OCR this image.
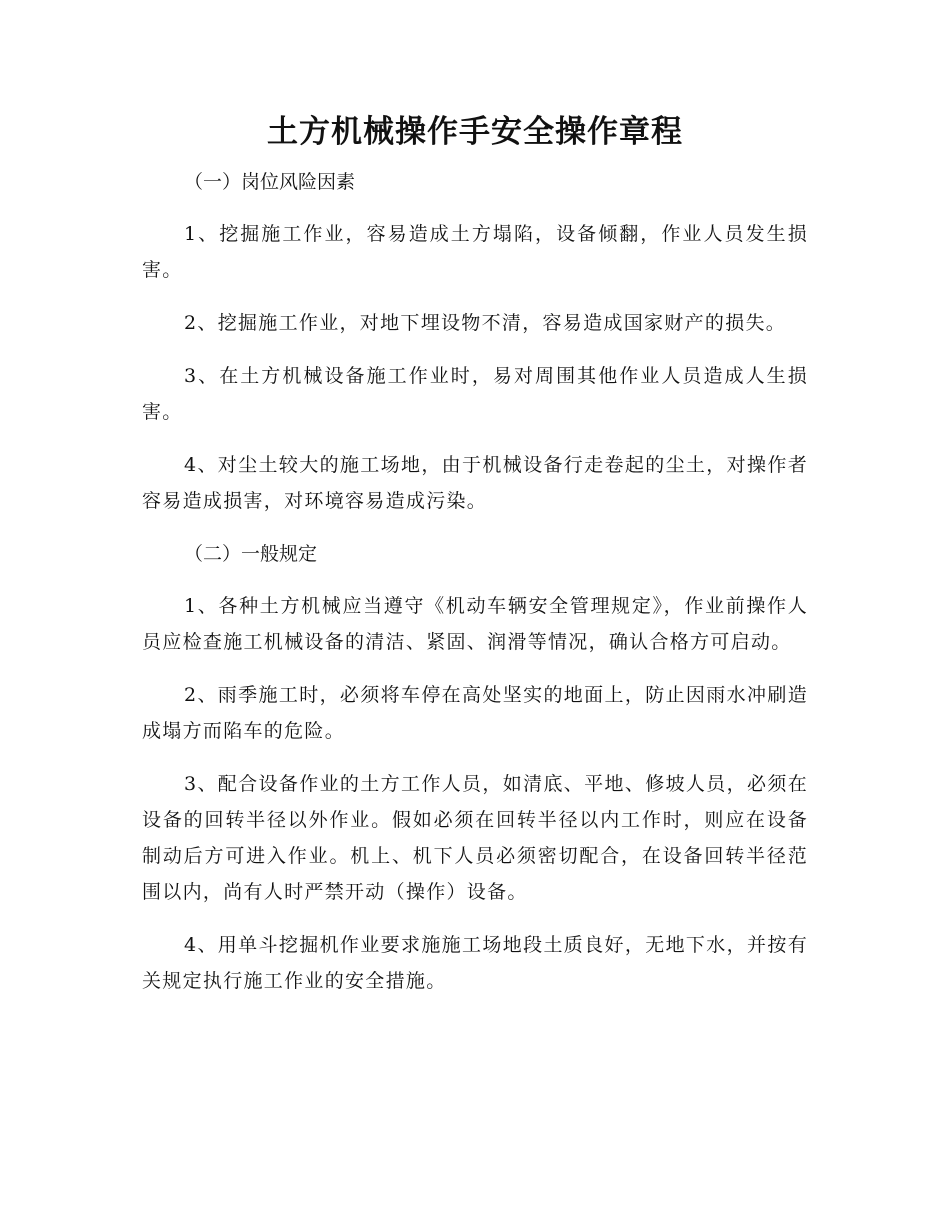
土方机械操作手安全操作章程
（一）岗位风险因素

1、挖掘施工作业，容易造成土方塌陷，设备倾翻，作业人员发生损害。

2、挖掘施工作业，对地下埋设物不清，容易造成国家财产的损失。

3、在土方机械设备施工作业时，易对周围其他作业人员造成人生损害。

4、对尘土较大的施工场地，由于机械设备行走卷起的尘土，对操作者容易造成损害，对环境容易造成污染。

（二）一般规定

1、各种土方机械应当遵守《机动车辆安全管理规定》，作业前操作人员应检查施工机械设备的清洁、紧固、润滑等情况，确认合格方可启动。

2、雨季施工时，必须将车停在高处坚实的地面上，防止因雨水冲刷造成塌方而陷车的危险。

3、配合设备作业的土方工作人员，如清底、平地、修坡人员，必须在设备的回转半径以外作业。假如必须在回转半径以内工作时，则应在设备制动后方可进入作业。机上、机下人员必须密切配合，在设备回转半径范围以内，尚有人时严禁开动（操作）设备。

4、用单斗挖掘机作业要求施施工场地段土质良好，无地下水，并按有关规定执行施工作业的安全措施。
